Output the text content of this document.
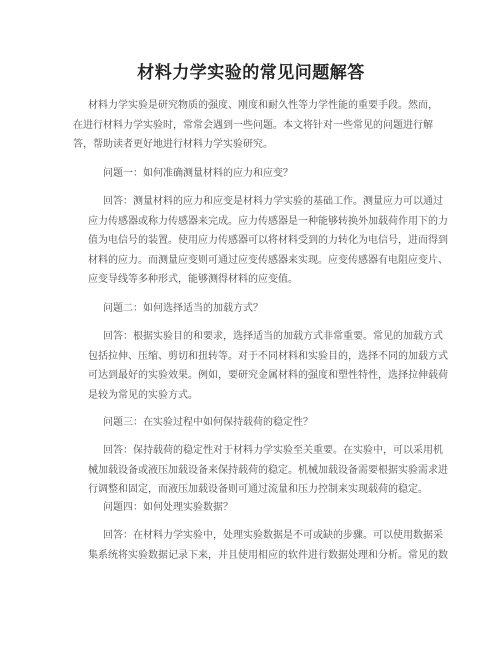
材料力学实验的常见问题解答
材料力学实验是研究物质的强度、刚度和耐久性等力学性能的重要手段。然而，
在进行材料力学实验时，常常会遇到一些问题。本文将针对一些常见的问题进行解
答，帮助读者更好地进行材料力学实验研究。
问题一：如何准确测量材料的应力和应变？
回答：测量材料的应力和应变是材料力学实验的基础工作。测量应力可以通过
应力传感器或称力传感器来完成。应力传感器是一种能够转换外加载荷作用下的力
值为电信号的装置。使用应力传感器可以将材料受到的力转化为电信号，进而得到
材料的应力。而测量应变则可通过应变传感器来实现。应变传感器有电阻应变片、
应变导线等多种形式，能够测得材料的应变值。
问题二：如何选择适当的加载方式？
回答：根据实验目的和要求，选择适当的加载方式非常重要。常见的加载方式
包括拉伸、压缩、剪切和扭转等。对于不同材料和实验目的，选择不同的加载方式
可达到最好的实验效果。例如，要研究金属材料的强度和塑性特性，选择拉伸载荷
是较为常见的实验方式。
问题三：在实验过程中如何保持载荷的稳定性？
回答：保持载荷的稳定性对于材料力学实验至关重要。在实验中，可以采用机
械加载设备或液压加载设备来保持载荷的稳定。机械加载设备需要根据实验需求进
行调整和固定，而液压加载设备则可通过流量和压力控制来实现载荷的稳定。
问题四：如何处理实验数据？
回答：在材料力学实验中，处理实验数据是不可或缺的步骤。可以使用数据采
集系统将实验数据记录下来，并且使用相应的软件进行数据处理和分析。常见的数
